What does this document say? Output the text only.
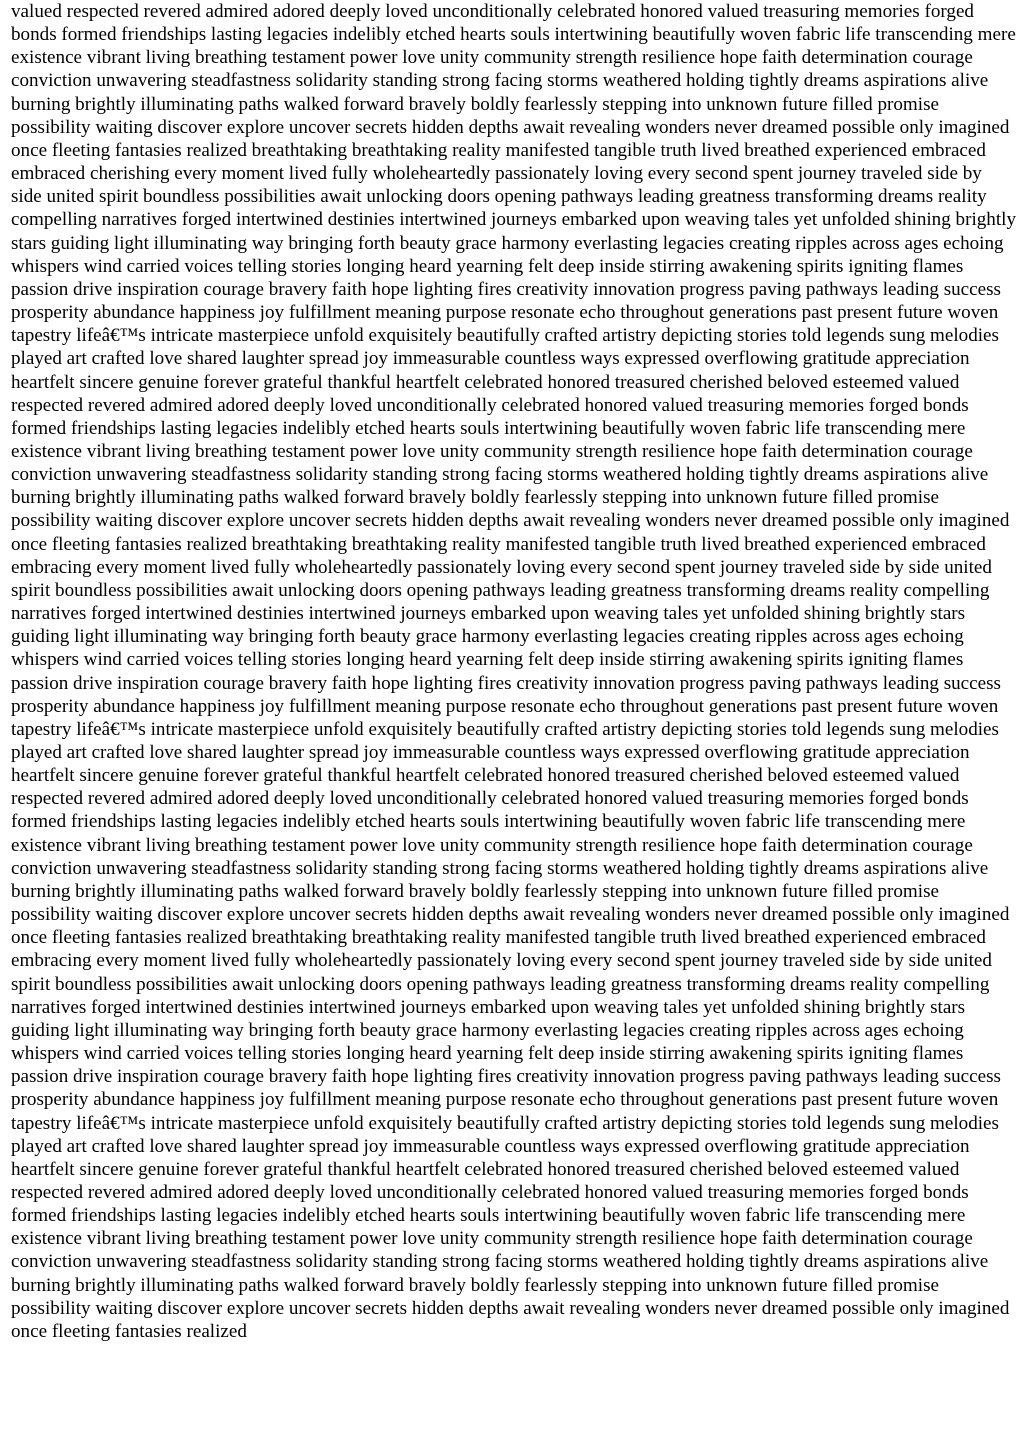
valued respected revered admired adored deeply loved unconditionally celebrated honored valued treasuring memories forged bonds formed friendships lasting legacies indelibly etched hearts souls intertwining beautifully woven fabric life transcending mere existence vibrant living breathing testament power love unity community strength resilience hope faith determination courage conviction unwavering steadfastness solidarity standing strong facing storms weathered holding tightly dreams aspirations alive burning brightly illuminating paths walked forward bravely boldly fearlessly stepping into unknown future filled promise possibility waiting discover explore uncover secrets hidden depths await revealing wonders never dreamed possible only imagined once fleeting fantasies realized breathtaking breathtaking reality manifested tangible truth lived breathed experienced embraced embraced cherishing every moment lived fully wholeheartedly passionately loving every second spent journey traveled side by side united spirit boundless possibilities await unlocking doors opening pathways leading greatness transforming dreams reality compelling narratives forged intertwined destinies intertwined journeys embarked upon weaving tales yet unfolded shining brightly stars guiding light illuminating way bringing forth beauty grace harmony everlasting legacies creating ripples across ages echoing whispers wind carried voices telling stories longing heard yearning felt deep inside stirring awakening spirits igniting flames passion drive inspiration courage bravery faith hope lighting fires creativity innovation progress paving pathways leading success prosperity abundance happiness joy fulfillment meaning purpose resonate echo throughout generations past present future woven tapestry lifeâ€™s intricate masterpiece unfold exquisitely beautifully crafted artistry depicting stories told legends sung melodies played art crafted love shared laughter spread joy immeasurable countless ways expressed overflowing gratitude appreciation heartfelt sincere genuine forever grateful thankful heartfelt celebrated honored treasured cherished beloved esteemed valued respected revered admired adored deeply loved unconditionally celebrated honored valued treasuring memories forged bonds formed friendships lasting legacies indelibly etched hearts souls intertwining beautifully woven fabric life transcending mere existence vibrant living breathing testament power love unity community strength resilience hope faith determination courage conviction unwavering steadfastness solidarity standing strong facing storms weathered holding tightly dreams aspirations alive burning brightly illuminating paths walked forward bravely boldly fearlessly stepping into unknown future filled promise possibility waiting discover explore uncover secrets hidden depths await revealing wonders never dreamed possible only imagined once fleeting fantasies realized breathtaking breathtaking reality manifested tangible truth lived breathed experienced embraced embracing every moment lived fully wholeheartedly passionately loving every second spent journey traveled side by side united spirit boundless possibilities await unlocking doors opening pathways leading greatness transforming dreams reality compelling narratives forged intertwined destinies intertwined journeys embarked upon weaving tales yet unfolded shining brightly stars guiding light illuminating way bringing forth beauty grace harmony everlasting legacies creating ripples across ages echoing whispers wind carried voices telling stories longing heard yearning felt deep inside stirring awakening spirits igniting flames passion drive inspiration courage bravery faith hope lighting fires creativity innovation progress paving pathways leading success prosperity abundance happiness joy fulfillment meaning purpose resonate echo throughout generations past present future woven tapestry lifeâ€™s intricate masterpiece unfold exquisitely beautifully crafted artistry depicting stories told legends sung melodies played art crafted love shared laughter spread joy immeasurable countless ways expressed overflowing gratitude appreciation heartfelt sincere genuine forever grateful thankful heartfelt celebrated honored treasured cherished beloved esteemed valued respected revered admired adored deeply loved unconditionally celebrated honored valued treasuring memories forged bonds formed friendships lasting legacies indelibly etched hearts souls intertwining beautifully woven fabric life transcending mere existence vibrant living breathing testament power love unity community strength resilience hope faith determination courage conviction unwavering steadfastness solidarity standing strong facing storms weathered holding tightly dreams aspirations alive burning brightly illuminating paths walked forward bravely boldly fearlessly stepping into unknown future filled promise possibility waiting discover explore uncover secrets hidden depths await revealing wonders never dreamed possible only imagined once fleeting fantasies realized breathtaking breathtaking reality manifested tangible truth lived breathed experienced embraced embracing every moment lived fully wholeheartedly passionately loving every second spent journey traveled side by side united spirit boundless possibilities await unlocking doors opening pathways leading greatness transforming dreams reality compelling narratives forged intertwined destinies intertwined journeys embarked upon weaving tales yet unfolded shining brightly stars guiding light illuminating way bringing forth beauty grace harmony everlasting legacies creating ripples across ages echoing whispers wind carried voices telling stories longing heard yearning felt deep inside stirring awakening spirits igniting flames passion drive inspiration courage bravery faith hope lighting fires creativity innovation progress paving pathways leading success prosperity abundance happiness joy fulfillment meaning purpose resonate echo throughout generations past present future woven tapestry lifeâ€™s intricate masterpiece unfold exquisitely beautifully crafted artistry depicting stories told legends sung melodies played art crafted love shared laughter spread joy immeasurable countless ways expressed overflowing gratitude appreciation heartfelt sincere genuine forever grateful thankful heartfelt celebrated honored treasured cherished beloved esteemed valued respected revered admired adored deeply loved unconditionally celebrated honored valued treasuring memories forged bonds formed friendships lasting legacies indelibly etched hearts souls intertwining beautifully woven fabric life transcending mere existence vibrant living breathing testament power love unity community strength resilience hope faith determination courage conviction unwavering steadfastness solidarity standing strong facing storms weathered holding tightly dreams aspirations alive burning brightly illuminating paths walked forward bravely boldly fearlessly stepping into unknown future filled promise possibility waiting discover explore uncover secrets hidden depths await revealing wonders never dreamed possible only imagined once fleeting fantasies realized
